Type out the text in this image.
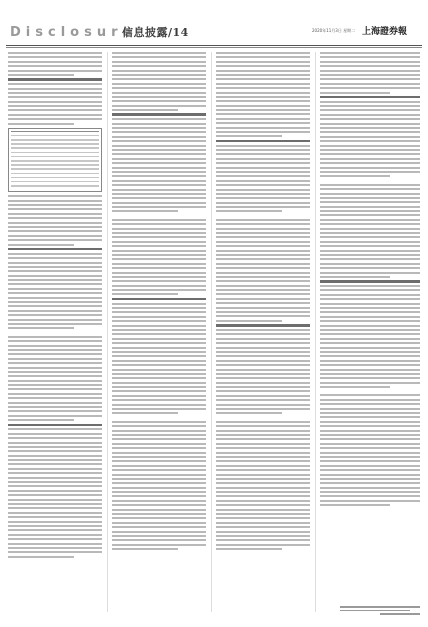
Disclosure
信息披露/14	2020年11月3日 星期二 上海證券報
